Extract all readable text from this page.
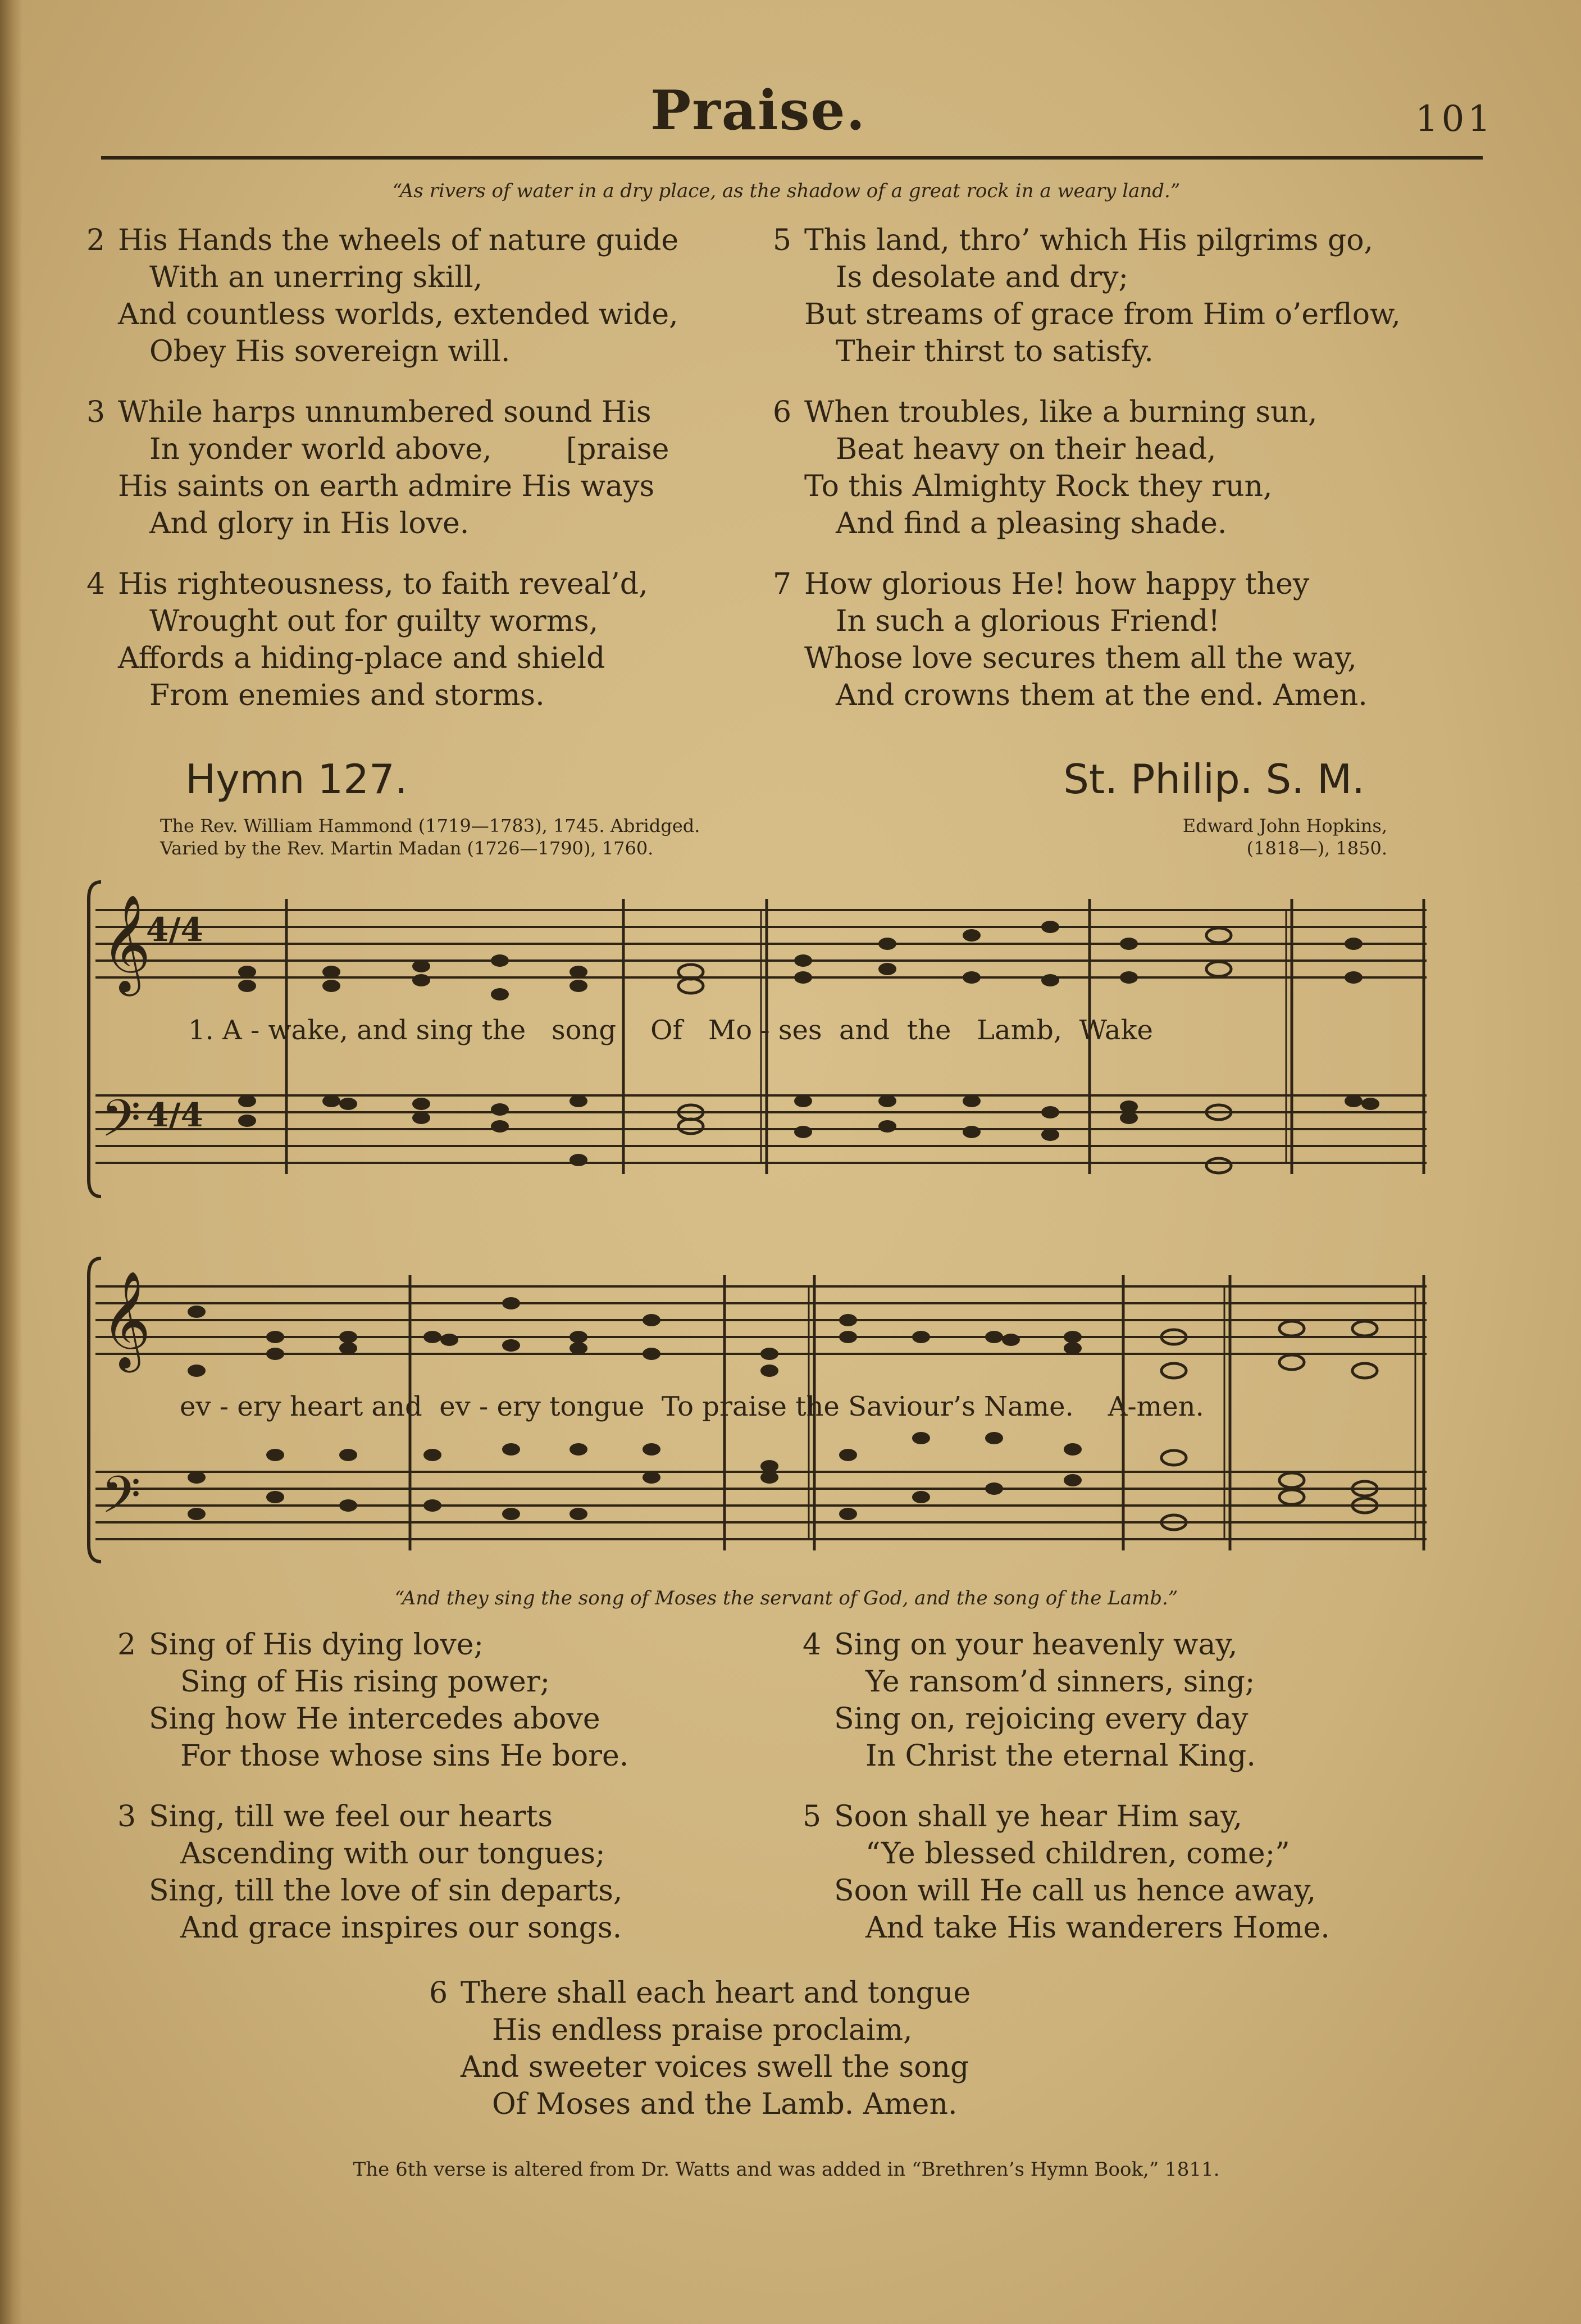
Praise.	101
“As rivers of water in a dry place, as the shadow of a great rock in a weary land.”
2 His Hands the wheels of nature guide
With an unerring skill,
And countless worlds, extended wide,
Obey His sovereign will.
3 While harps unnumbered sound His
In yonder world above,        [praise
His saints on earth admire His ways
And glory in His love.
4 His righteousness, to faith reveal’d,
Wrought out for guilty worms,
Affords a hiding-place and shield
From enemies and storms.
5 This land, thro’ which His pilgrims go,
Is desolate and dry;
But streams of grace from Him o’erflow,
Their thirst to satisfy.
6 When troubles, like a burning sun,
Beat heavy on their head,
To this Almighty Rock they run,
And find a pleasing shade.
7 How glorious He! how happy they
In such a glorious Friend!
Whose love secures them all the way,
And crowns them at the end. Amen.
Hymn 127.	St. Philip. S. M.
The Rev. William Hammond (1719—1783), 1745. Abridged.
Varied by the Rev. Martin Madan (1726—1790), 1760.
Edward John Hopkins,
(1818—), 1850.
𝄞
𝄢
4/4
4/4
1. A - wake, and sing the   song    Of   Mo - ses  and  the   Lamb,  Wake
𝄞
𝄢
ev - ery heart and  ev - ery tongue  To praise the Saviour’s Name.    A-men.
“And they sing the song of Moses the servant of God, and the song of the Lamb.”
2 Sing of His dying love;
Sing of His rising power;
Sing how He intercedes above
For those whose sins He bore.
3 Sing, till we feel our hearts
Ascending with our tongues;
Sing, till the love of sin departs,
And grace inspires our songs.
4 Sing on your heavenly way,
Ye ransom’d sinners, sing;
Sing on, rejoicing every day
In Christ the eternal King.
5 Soon shall ye hear Him say,
“Ye blessed children, come;”
Soon will He call us hence away,
And take His wanderers Home.
6 There shall each heart and tongue
His endless praise proclaim,
And sweeter voices swell the song
Of Moses and the Lamb. Amen.
The 6th verse is altered from Dr. Watts and was added in “Brethren’s Hymn Book,” 1811.
